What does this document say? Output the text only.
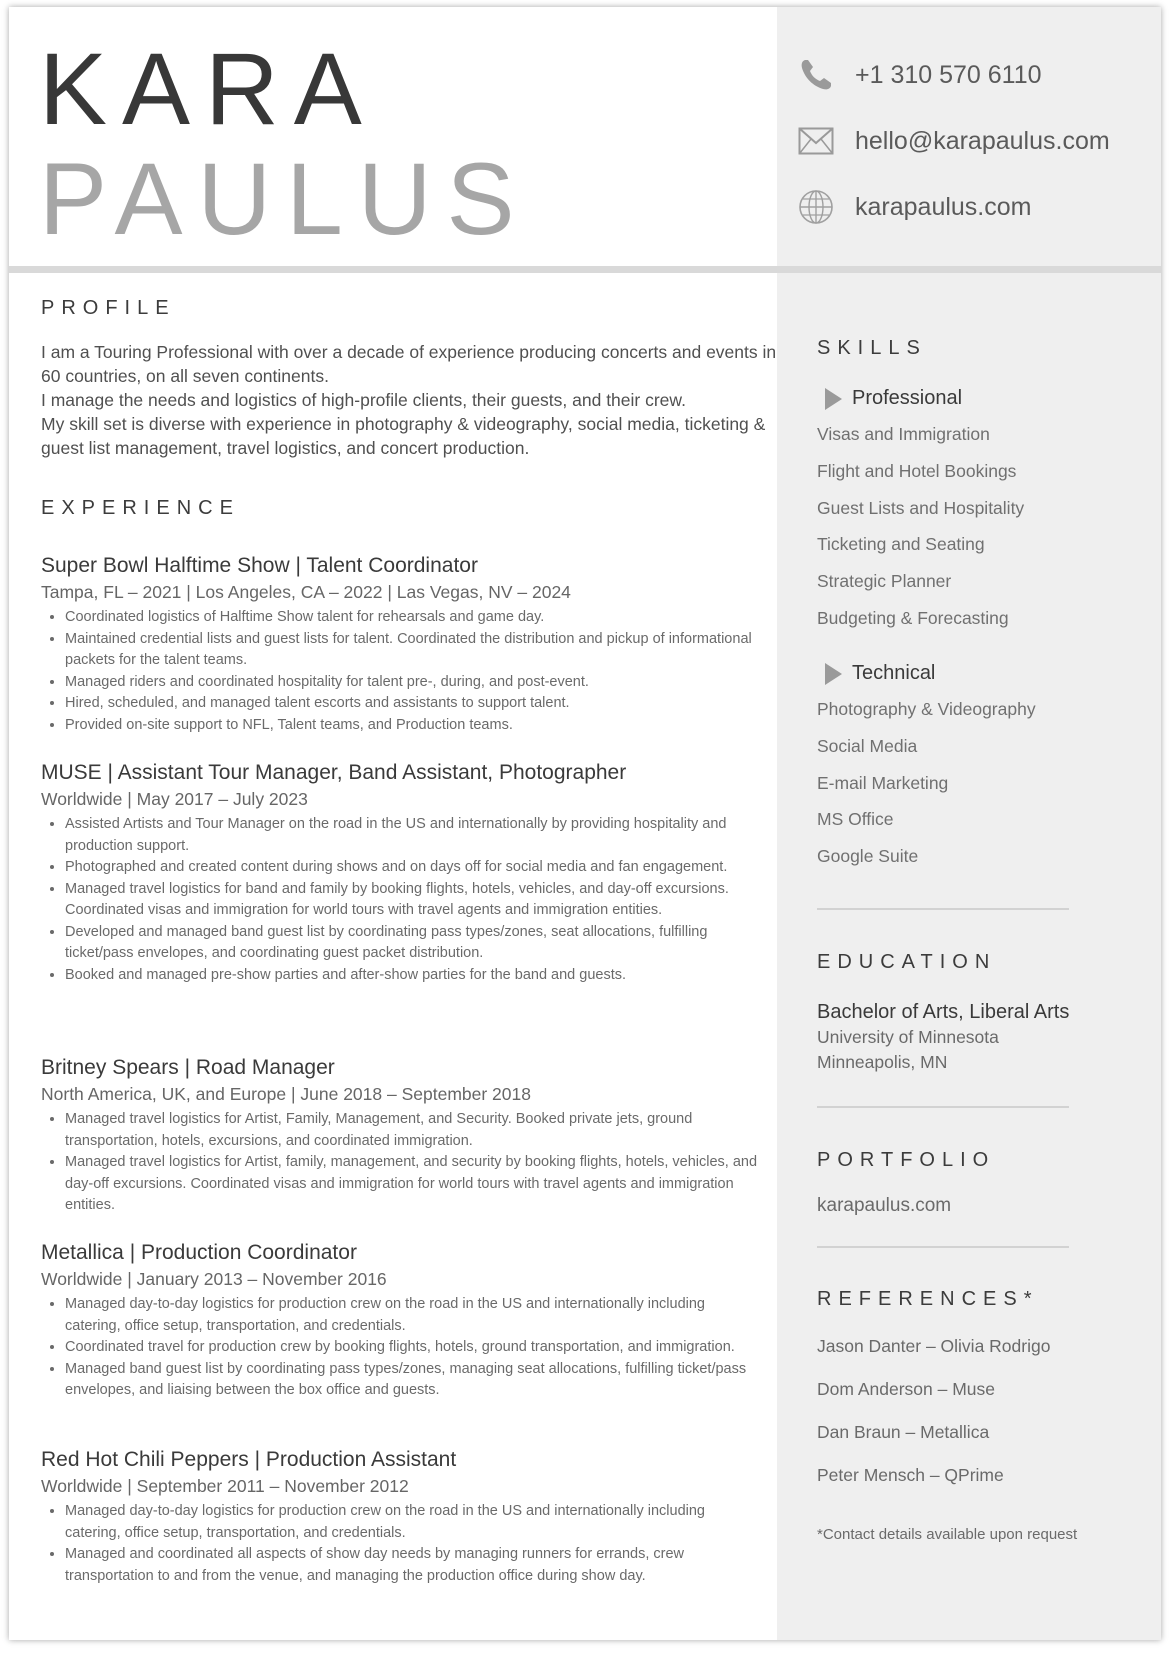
KARA
PAULUS
+1 310 570 6110
hello@karapaulus.com
karapaulus.com
PROFILE

I am a Touring Professional with over a decade of experience producing concerts and events in 60 countries, on all seven continents.

I manage the needs and logistics of high-profile clients, their guests, and their crew.

My skill set is diverse with experience in photography & videography, social media, ticketing & guest list management, travel logistics, and concert production.

EXPERIENCE

Super Bowl Halftime Show | Talent Coordinator

Tampa, FL – 2021 | Los Angeles, CA – 2022 | Las Vegas, NV – 2024

• Coordinated logistics of Halftime Show talent for rehearsals and game day.
• Maintained credential lists and guest lists for talent. Coordinated the distribution and pickup of informational packets for the talent teams.
• Managed riders and coordinated hospitality for talent pre-, during, and post-event.
• Hired, scheduled, and managed talent escorts and assistants to support talent.
• Provided on-site support to NFL, Talent teams, and Production teams.

MUSE | Assistant Tour Manager, Band Assistant, Photographer

Worldwide | May 2017 – July 2023

• Assisted Artists and Tour Manager on the road in the US and internationally by providing hospitality and production support.
• Photographed and created content during shows and on days off for social media and fan engagement.
• Managed travel logistics for band and family by booking flights, hotels, vehicles, and day-off excursions. Coordinated visas and immigration for world tours with travel agents and immigration entities.
• Developed and managed band guest list by coordinating pass types/zones, seat allocations, fulfilling ticket/pass envelopes, and coordinating guest packet distribution.
• Booked and managed pre-show parties and after-show parties for the band and guests.

Britney Spears | Road Manager

North America, UK, and Europe | June 2018 – September 2018

• Managed travel logistics for Artist, Family, Management, and Security. Booked private jets, ground transportation, hotels, excursions, and coordinated immigration.
• Managed travel logistics for Artist, family, management, and security by booking flights, hotels, vehicles, and day-off excursions. Coordinated visas and immigration for world tours with travel agents and immigration entities.

Metallica | Production Coordinator

Worldwide | January 2013 – November 2016

• Managed day-to-day logistics for production crew on the road in the US and internationally including catering, office setup, transportation, and credentials.
• Coordinated travel for production crew by booking flights, hotels, ground transportation, and immigration.
• Managed band guest list by coordinating pass types/zones, managing seat allocations, fulfilling ticket/pass envelopes, and liaising between the box office and guests.

Red Hot Chili Peppers | Production Assistant

Worldwide | September 2011 – November 2012

• Managed day-to-day logistics for production crew on the road in the US and internationally including catering, office setup, transportation, and credentials.
• Managed and coordinated all aspects of show day needs by managing runners for errands, crew transportation to and from the venue, and managing the production office during show day.
SKILLS
Professional
Visas and Immigration
Flight and Hotel Bookings
Guest Lists and Hospitality
Ticketing and Seating
Strategic Planner
Budgeting & Forecasting
Technical
Photography & Videography
Social Media
E-mail Marketing
MS Office
Google Suite
EDUCATION

Bachelor of Arts, Liberal Arts

University of Minnesota

Minneapolis, MN

PORTFOLIO
karapaulus.com
REFERENCES*
Jason Danter – Olivia Rodrigo
Dom Anderson – Muse
Dan Braun – Metallica
Peter Mensch – QPrime
*Contact details available upon request
